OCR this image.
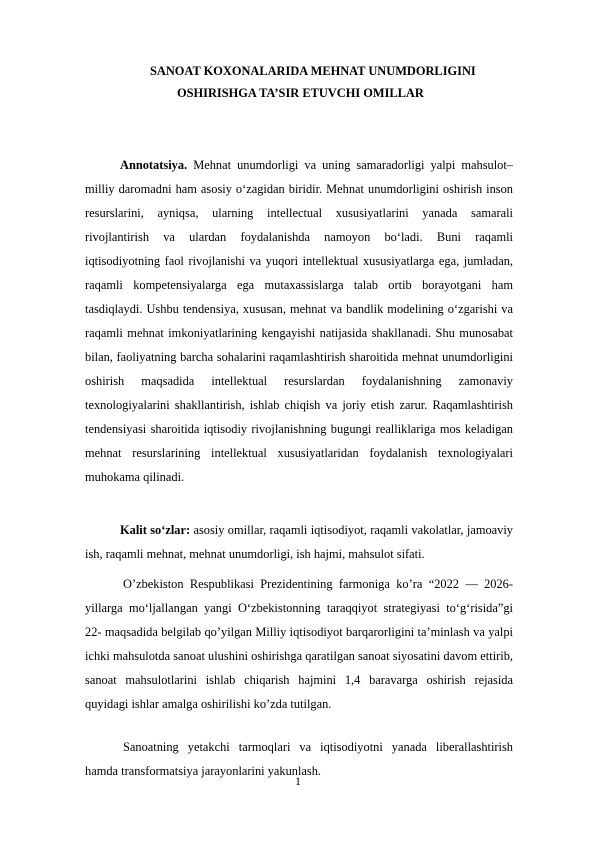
SANOAT KOXONALARIDA MEHNAT UNUMDORLIGINI
OSHIRISHGA TA’SIR ETUVCHI OMILLAR

Annotatsiya. Mehnat unumdorligi va uning samaradorligi yalpi mahsulot–milliy daromadni ham asosiy oʻzagidan biridir. Mehnat unumdorligini oshirish inson resurslarini, ayniqsa, ularning intellectual xususiyatlarini yanada samarali rivojlantirish va ulardan foydalanishda namoyon boʻladi. Buni raqamli iqtisodiyotning faol rivojlanishi va yuqori intellektual xususiyatlarga ega, jumladan, raqamli kompetensiyalarga ega mutaxassislarga talab ortib borayotgani ham tasdiqlaydi. Ushbu tendensiya, xususan, mehnat va bandlik modelining oʻzgarishi va raqamli mehnat imkoniyatlarining kengayishi natijasida shakllanadi. Shu munosabat bilan, faoliyatning barcha sohalarini raqamlashtirish sharoitida mehnat unumdorligini oshirish maqsadida intellektual resurslardan foydalanishning zamonaviy texnologiyalarini shakllantirish, ishlab chiqish va joriy etish zarur. Raqamlashtirish tendensiyasi sharoitida iqtisodiy rivojlanishning bugungi realliklariga mos keladigan mehnat resurslarining intellektual xususiyatlaridan foydalanish texnologiyalari muhokama qilinadi.

Kalit soʻzlar: asosiy omillar, raqamli iqtisodiyot, raqamli vakolatlar, jamoaviy ish, raqamli mehnat, mehnat unumdorligi, ish hajmi, mahsulot sifati.

O’zbekiston Respublikasi Prezidentining farmoniga ko’ra “2022 — 2026-yillarga moʻljallangan yangi Oʻzbekistonning taraqqiyot strategiyasi toʻgʻrisida”gi 22- maqsadida belgilab qo’yilgan Milliy iqtisodiyot barqarorligini ta’minlash va yalpi ichki mahsulotda sanoat ulushini oshirishga qaratilgan sanoat siyosatini davom ettirib, sanoat mahsulotlarini ishlab chiqarish hajmini 1,4 baravarga oshirish rejasida quyidagi ishlar amalga oshirilishi ko’zda tutilgan.

Sanoatning yetakchi tarmoqlari va iqtisodiyotni yanada liberallashtirish hamda transformatsiya jarayonlarini yakunlash.

1
